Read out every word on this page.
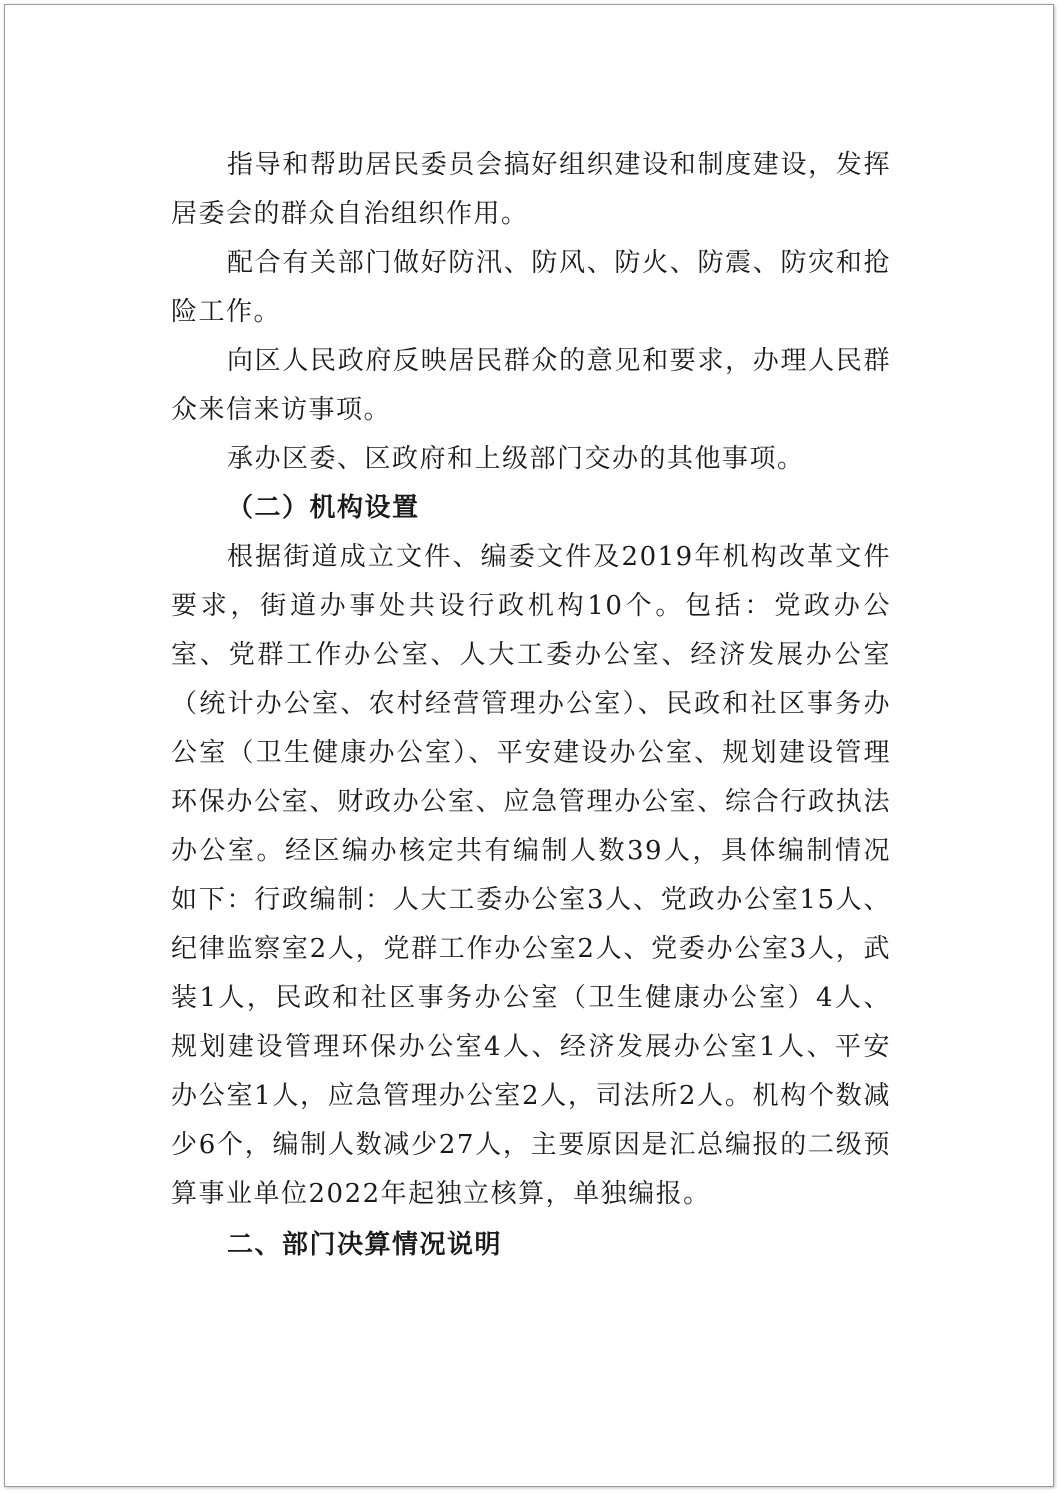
指导和帮助居民委员会搞好组织建设和制度建设，发挥居委会的群众自治组织作用。

配合有关部门做好防汛、防风、防火、防震、防灾和抢险工作。

向区人民政府反映居民群众的意见和要求，办理人民群众来信来访事项。

承办区委、区政府和上级部门交办的其他事项。

（二）机构设置

根据街道成立文件、编委文件及2019年机构改革文件要求，街道办事处共设行政机构10个。包括：党政办公室、党群工作办公室、人大工委办公室、经济发展办公室（统计办公室、农村经营管理办公室）、民政和社区事务办公室（卫生健康办公室）、平安建设办公室、规划建设管理环保办公室、财政办公室、应急管理办公室、综合行政执法办公室。经区编办核定共有编制人数39人，具体编制情况如下：行政编制：人大工委办公室3人、党政办公室15人、纪律监察室2人，党群工作办公室2人、党委办公室3人，武装1人，民政和社区事务办公室（卫生健康办公室）4人、规划建设管理环保办公室4人、经济发展办公室1人、平安办公室1人，应急管理办公室2人，司法所2人。机构个数减少6个，编制人数减少27人，主要原因是汇总编报的二级预算事业单位2022年起独立核算，单独编报。

二、部门决算情况说明
